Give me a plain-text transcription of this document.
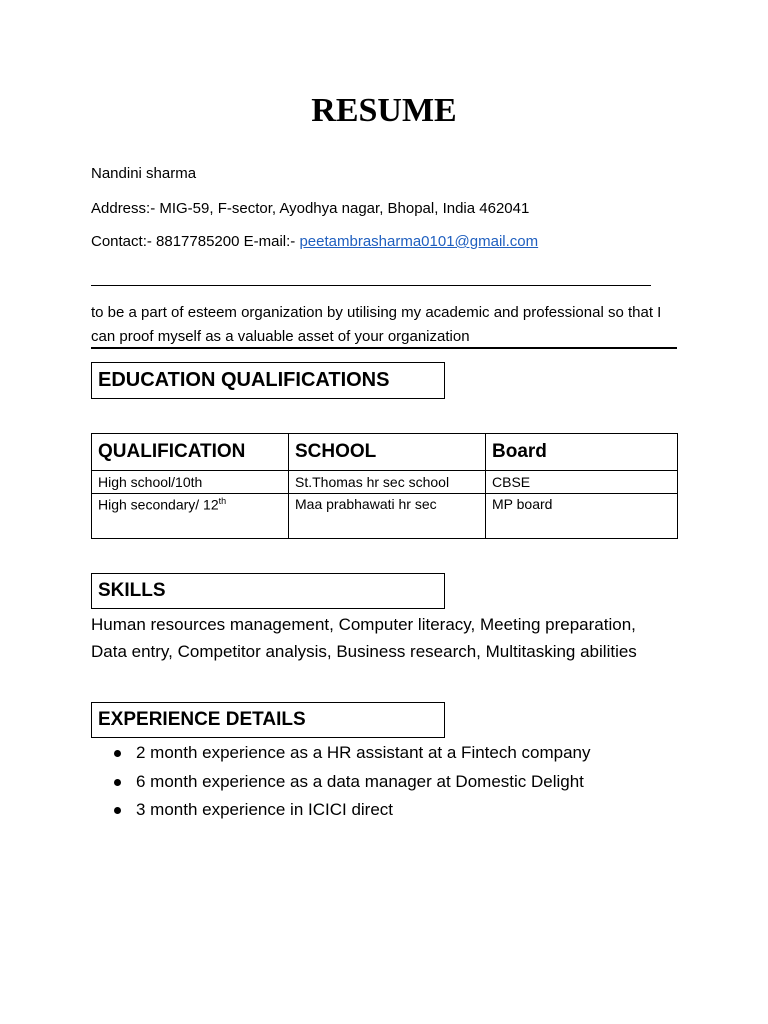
RESUME
Nandini sharma
Address:- MIG-59, F-sector, Ayodhya nagar, Bhopal, India 462041
Contact:- 8817785200 E-mail:- peetambrasharma0101@gmail.com
to be a part of esteem organization by utilising my academic and professional so that I can proof myself as a valuable asset of your organization
EDUCATION QUALIFICATIONS
QUALIFICATION	SCHOOL	Board
High school/10th	St.Thomas hr sec school	CBSE
High secondary/ 12th	Maa prabhawati hr sec	MP board
SKILLS
Human resources management, Computer literacy, Meeting preparation, Data entry, Competitor analysis, Business research, Multitasking abilities
EXPERIENCE DETAILS
2 month experience as a HR assistant at a Fintech company
6 month experience as a data manager at Domestic Delight
3 month experience in ICICI direct
